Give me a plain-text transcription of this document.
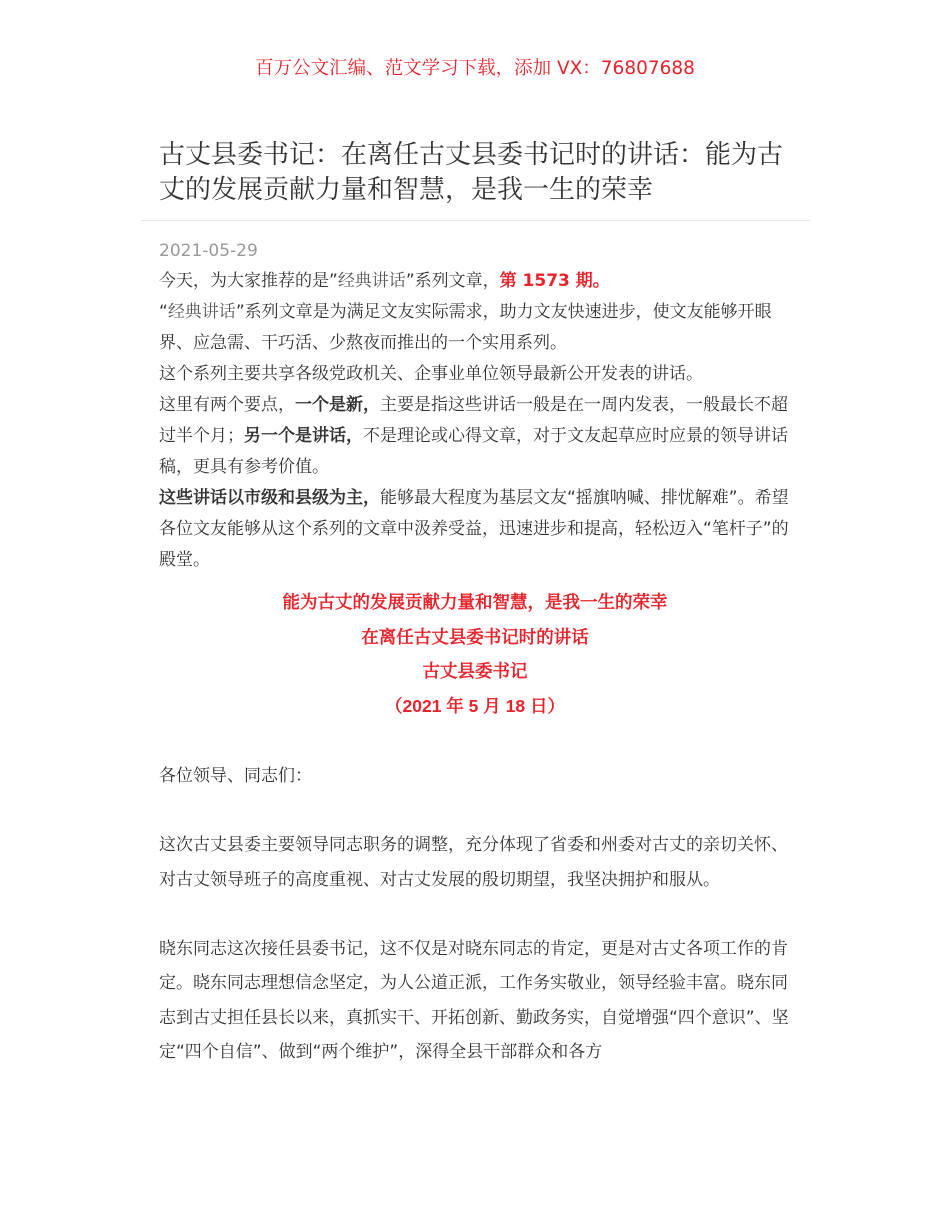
百万公文汇编、范文学习下载，添加 VX：76807688
古丈县委书记：在离任古丈县委书记时的讲话：能为古丈的发展贡献力量和智慧，是我一生的荣幸
2021-05-29

今天，为大家推荐的是”经典讲话”系列文章，第 1573 期。

“经典讲话”系列文章是为满足文友实际需求，助力文友快速进步，使文友能够开眼界、应急需、干巧活、少熬夜而推出的一个实用系列。

这个系列主要共享各级党政机关、企事业单位领导最新公开发表的讲话。

这里有两个要点，一个是新，主要是指这些讲话一般是在一周内发表，一般最长不超过半个月；另一个是讲话，不是理论或心得文章，对于文友起草应时应景的领导讲话稿，更具有参考价值。

这些讲话以市级和县级为主，能够最大程度为基层文友“摇旗呐喊、排忧解难”。希望各位文友能够从这个系列的文章中汲养受益，迅速进步和提高，轻松迈入“笔杆子”的殿堂。

能为古丈的发展贡献力量和智慧，是我一生的荣幸
在离任古丈县委书记时的讲话
古丈县委书记
（2021 年 5 月 18 日）

各位领导、同志们：

这次古丈县委主要领导同志职务的调整，充分体现了省委和州委对古丈的亲切关怀、对古丈领导班子的高度重视、对古丈发展的殷切期望，我坚决拥护和服从。

晓东同志这次接任县委书记，这不仅是对晓东同志的肯定，更是对古丈各项工作的肯定。晓东同志理想信念坚定，为人公道正派，工作务实敬业，领导经验丰富。晓东同志到古丈担任县长以来，真抓实干、开拓创新、勤政务实，自觉增强“四个意识”、坚定“四个自信”、做到“两个维护”，深得全县干部群众和各方
